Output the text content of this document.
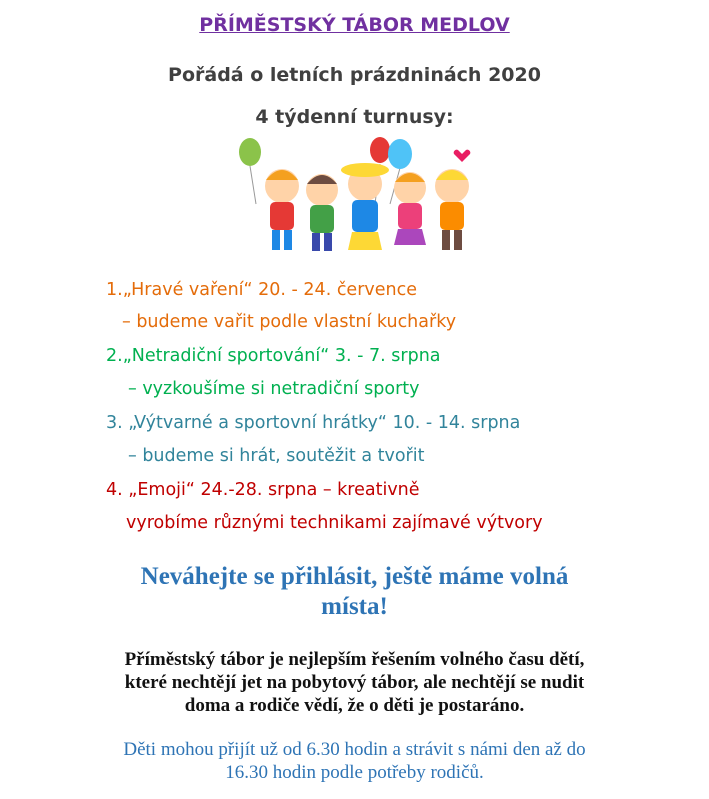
PŘÍMĚSTSKÝ TÁBOR MEDLOV
Pořádá o letních prázdninách 2020
4 týdenní turnusy:
1.„Hravé vaření“ 20. - 24. července
– budeme vařit podle vlastní kuchařky
2.„Netradiční sportování“ 3. - 7. srpna
– vyzkoušíme si netradiční sporty
3. „Výtvarné a sportovní hrátky“ 10. - 14. srpna
– budeme si hrát, soutěžit a tvořit
4. „Emoji“ 24.-28. srpna – kreativně
vyrobíme různými technikami zajímavé výtvory
Neváhejte se přihlásit, ještě máme volná
místa!
Příměstský tábor je nejlepším řešením volného času dětí,
které nechtějí jet na pobytový tábor, ale nechtějí se nudit
doma a rodiče vědí, že o děti je postaráno.
Děti mohou přijít už od 6.30 hodin a strávit s námi den až do
16.30 hodin podle potřeby rodičů.
